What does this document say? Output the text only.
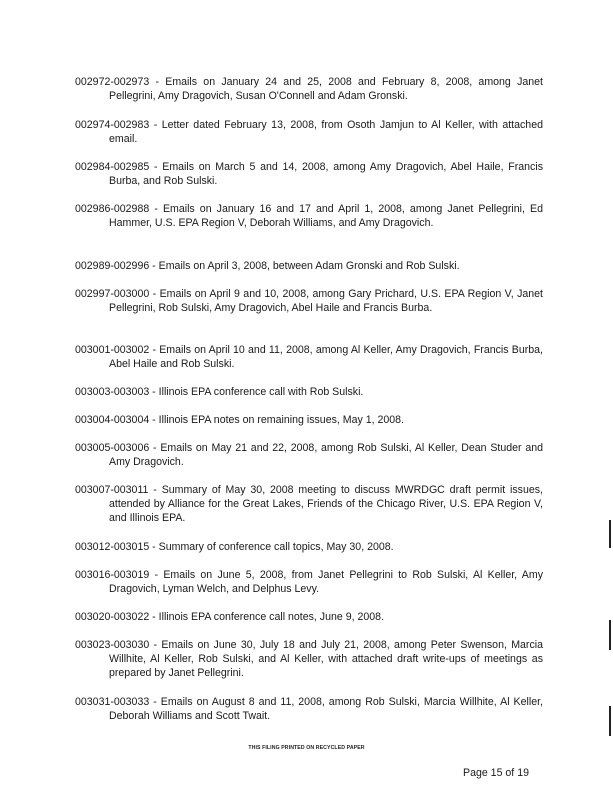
002972-002973 - Emails on January 24 and 25, 2008 and February 8, 2008, among Janet Pellegrini, Amy Dragovich, Susan O'Connell and Adam Gronski.

002974-002983 - Letter dated February 13, 2008, from Osoth Jamjun to Al Keller, with attached email.

002984-002985 - Emails on March 5 and 14, 2008, among Amy Dragovich, Abel Haile, Francis Burba, and Rob Sulski.

002986-002988 - Emails on January 16 and 17 and April 1, 2008, among Janet Pellegrini, Ed Hammer, U.S. EPA Region V, Deborah Williams, and Amy Dragovich.

002989-002996 - Emails on April 3, 2008, between Adam Gronski and Rob Sulski.

002997-003000 - Emails on April 9 and 10, 2008, among Gary Prichard, U.S. EPA Region V, Janet Pellegrini, Rob Sulski, Amy Dragovich, Abel Haile and Francis Burba.

003001-003002 - Emails on April 10 and 11, 2008, among Al Keller, Amy Dragovich, Francis Burba, Abel Haile and Rob Sulski.

003003-003003 - Illinois EPA conference call with Rob Sulski.

003004-003004 - Illinois EPA notes on remaining issues, May 1, 2008.

003005-003006 - Emails on May 21 and 22, 2008, among Rob Sulski, Al Keller, Dean Studer and Amy Dragovich.

003007-003011 - Summary of May 30, 2008 meeting to discuss MWRDGC draft permit issues, attended by Alliance for the Great Lakes, Friends of the Chicago River, U.S. EPA Region V, and Illinois EPA.

003012-003015 - Summary of conference call topics, May 30, 2008.

003016-003019 - Emails on June 5, 2008, from Janet Pellegrini to Rob Sulski, Al Keller, Amy Dragovich, Lyman Welch, and Delphus Levy.

003020-003022 - Illinois EPA conference call notes, June 9, 2008.

003023-003030 - Emails on June 30, July 18 and July 21, 2008, among Peter Swenson, Marcia Willhite, Al Keller, Rob Sulski, and Al Keller, with attached draft write-ups of meetings as prepared by Janet Pellegrini.

003031-003033 - Emails on August 8 and 11, 2008, among Rob Sulski, Marcia Willhite, Al Keller, Deborah Williams and Scott Twait.

THIS FILING PRINTED ON RECYCLED PAPER
Page 15 of 19
